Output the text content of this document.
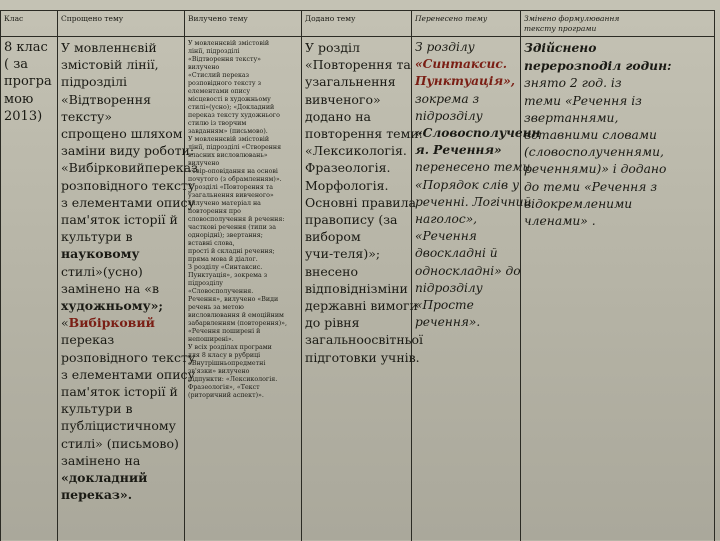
Клас
8 клас
( за
програ
мою
2013)
Спрощено тему
У мовленнєвій
змістовій лінії,
підрозділі
«Відтворення
тексту»
спрощено шляхом
заміни виду роботи:
«Вибірковийпереказ
розповідного тексту
з елементами опису
пам'яток історії й
культури в
науковому
стилі»(усно)
замінено на «в
художньому»;
«Вибірковий
переказ
розповідного тексту
з елементами опису
пам'яток історії й
культури в
публіцистичному
стилі» (письмово)
замінено на
«докладний
переказ».
Вилучено тему
У мовленнєвій змістовій
лінії, підрозділі
«Відтворення тексту»
вилучено
«Стислий переказ
розповідного тексту з
елементами опису
місцевості в художньому
стилі»(усно); «Докладний
переказ тексту художнього
стилю із творчим
завданням» (письмово).
У мовленнєвій змістовій
лінії, підрозділі «Створення
власних висловлювань»
вилучено
«Твір-оповідання на основі
почутого (з обрамленням)».
У розділі «Повторення та
узагальнення вивченого»
вилучено матеріал на
повторення про
словосполучення й речення:
часткові речення (типи за
однорідні); звертання;
вставні слова,
прості й складні речення;
пряма мова й діалог.
З розділу «Синтаксис.
Пунктуація», зокрема з
підрозділу
«Словосполучення.
Речення», вилучено «Види
речень за метою
висловлювання й емоційним
забарвленням (повторення)»,
«Речення поширені й
непоширені».
У всіх розділах програми
для 8 класу в рубриці
«Внутрішньопредметні
зв'язки» вилучено
підпункти: «Лексикологія.
Фразеологія», «Текст
(риторичний аспект)».
Додано тему
У розділ
«Повторення та
узагальнення
вивченого»
додано на
повторення теми:
«Лексикологія.
Фразеологія.
Морфологія.
Основні правила
правопису (за
вибором
учи-теля)»;
внесено
відповіднізміни
державні вимоги
до рівня
загальноосвітньої
підготовки учнів.
Перенесено тему
З розділу
«Синтаксис.
Пунктуація»,
зокрема з
підрозділу
«Словосполученн
я. Речення»
перенесено теми
«Порядок слів у
реченні. Логічний
наголос»,
«Речення
двоскладні й
односкладні» до
підрозділу
«Просте
речення».
Змінено формулювання
тексту програми
Здійснено
перерозподіл годин:
знято 2 год. із
теми «Речення із
звертаннями,
вставними словами
(словосполученнями,
реченнями)» і додано
до теми «Речення з
відокремленими
членами» .
